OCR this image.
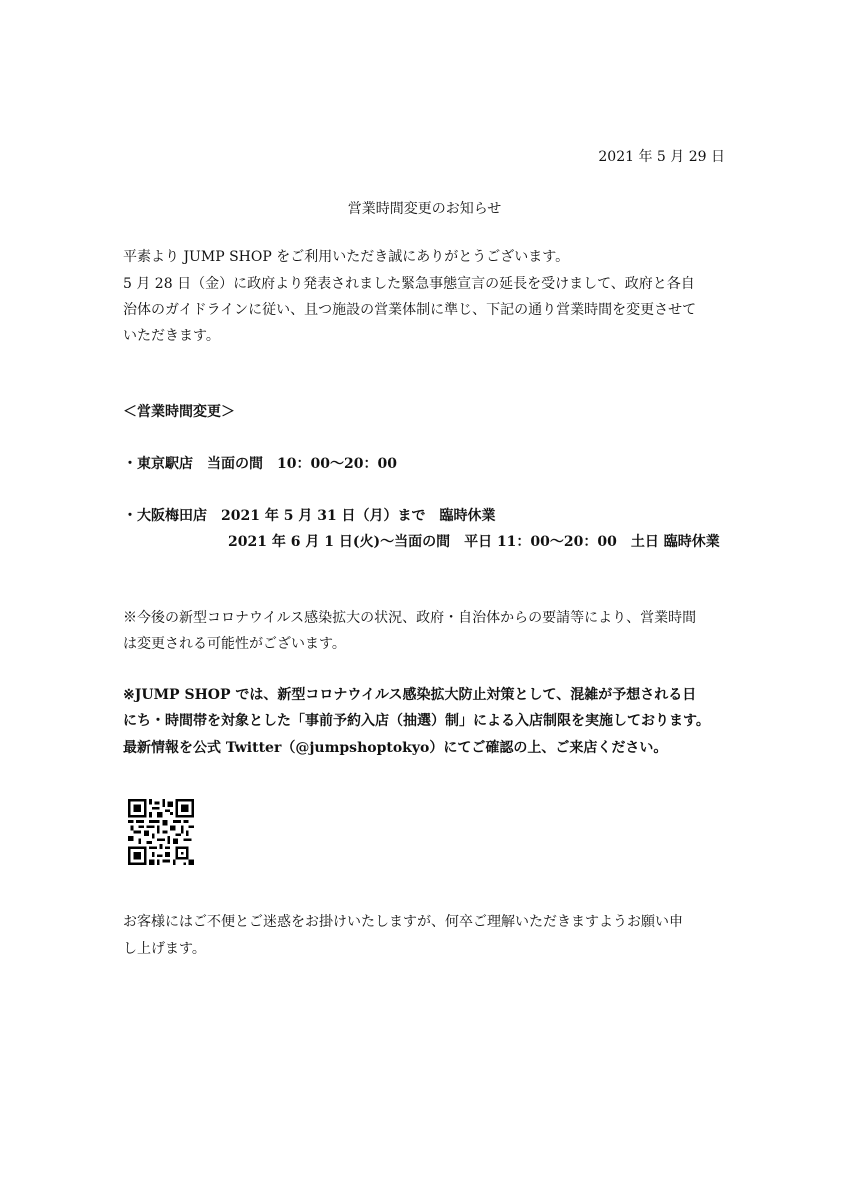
2021 年 5 月 29 日
営業時間変更のお知らせ
平素より JUMP SHOP をご利用いただき誠にありがとうございます。
5 月 28 日（金）に政府より発表されました緊急事態宣言の延長を受けまして、政府と各自
治体のガイドラインに従い、且つ施設の営業体制に準じ、下記の通り営業時間を変更させて
いただきます。
＜営業時間変更＞
・東京駅店　当面の間　10：00〜20：00
・大阪梅田店　2021 年 5 月 31 日（月）まで　臨時休業
2021 年 6 月 1 日(火)〜当面の間　平日 11：00〜20：00　土日 臨時休業
※今後の新型コロナウイルス感染拡大の状況、政府・自治体からの要請等により、営業時間
は変更される可能性がございます。
※JUMP SHOP では、新型コロナウイルス感染拡大防止対策として、混雑が予想される日
にち・時間帯を対象とした「事前予約入店（抽選）制」による入店制限を実施しております。
最新情報を公式 Twitter（@jumpshoptokyo）にてご確認の上、ご来店ください。
お客様にはご不便とご迷惑をお掛けいたしますが、何卒ご理解いただきますようお願い申
し上げます。
